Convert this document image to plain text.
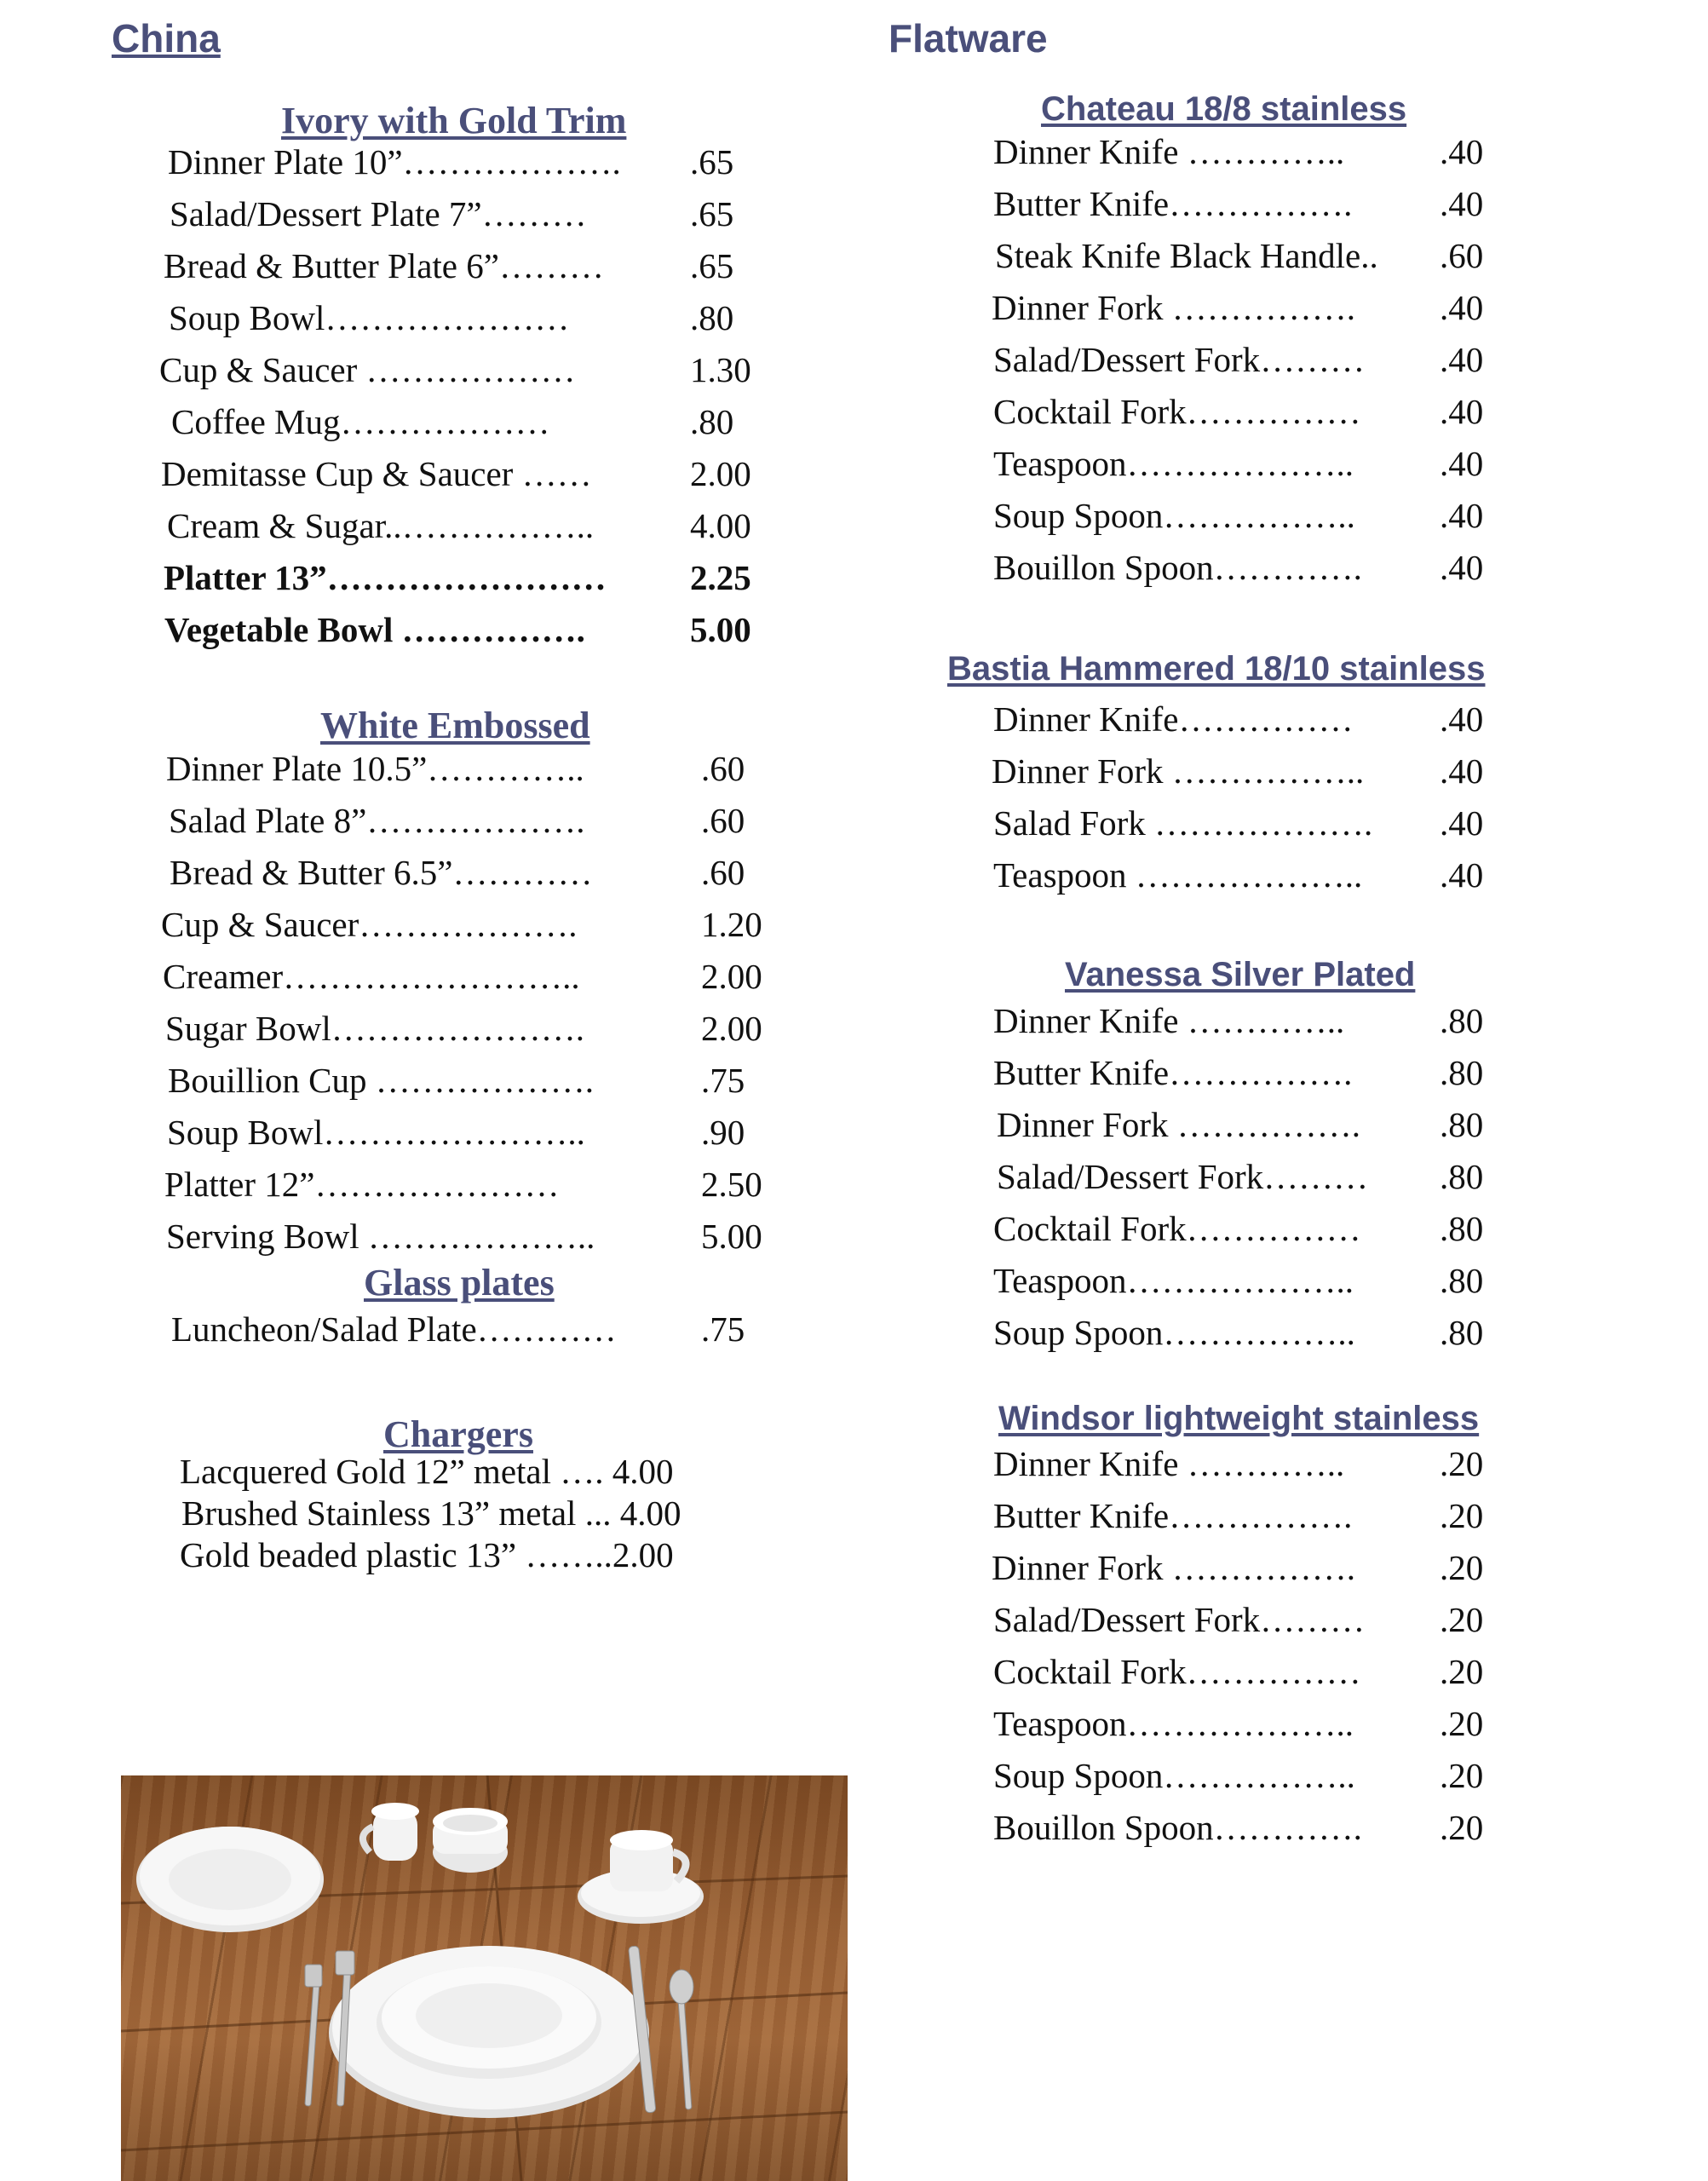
China	Flatware
Ivory with Gold Trim
Dinner Plate 10”………………. .65
Salad/Dessert Plate 7”………	.65
Bread & Butter Plate 6”……… .65
Soup Bowl…………………	.80
Cup & Saucer ………………	1.30
Coffee Mug………………	.80
Demitasse Cup & Saucer ……	2.00
Cream & Sugar..……………..	4.00
Platter 13”…………………… 2.25
Vegetable Bowl …………….	5.00
White Embossed
Dinner Plate 10.5”…………..	.60
Salad Plate 8”……………….	.60
Bread & Butter 6.5”…………	.60
Cup & Saucer……………….	1.20
Creamer……………………..	2.00
Sugar Bowl………………….	2.00
Bouillion Cup ……………….	.75
Soup Bowl…………………..	.90
Platter 12”…………………	2.50
Serving Bowl ………………..	5.00
Glass plates
Luncheon/Salad Plate………… .75
Chargers
Lacquered Gold 12” metal …. 4.00
Brushed Stainless 13” metal ... 4.00
Gold beaded plastic 13” ……..2.00
Chateau 18/8 stainless
Dinner Knife …………..	.40
Butter Knife…………….	.40
Steak Knife Black Handle.. .60
Dinner Fork ……………. .40
Salad/Dessert Fork……… .40
Cocktail Fork…………… .40
Teaspoon……………….. .40
Soup Spoon…………….. .40
Bouillon Spoon…………. .40
Bastia Hammered 18/10 stainless
Dinner Knife…………… .40
Dinner Fork …………….. .40
Salad Fork ………………. .40
Teaspoon ……………….. .40
Vanessa Silver Plated
Dinner Knife …………..	.80
Butter Knife…………….	.80
Dinner Fork ……………. .80
Salad/Dessert Fork……… .80
Cocktail Fork…………… .80
Teaspoon……………….. .80
Soup Spoon…………….. .80
Windsor lightweight stainless
Dinner Knife …………..	.20
Butter Knife…………….	.20
Dinner Fork ……………. .20
Salad/Dessert Fork……… .20
Cocktail Fork…………… .20
Teaspoon……………….. .20
Soup Spoon…………….. .20
Bouillon Spoon…………. .20
